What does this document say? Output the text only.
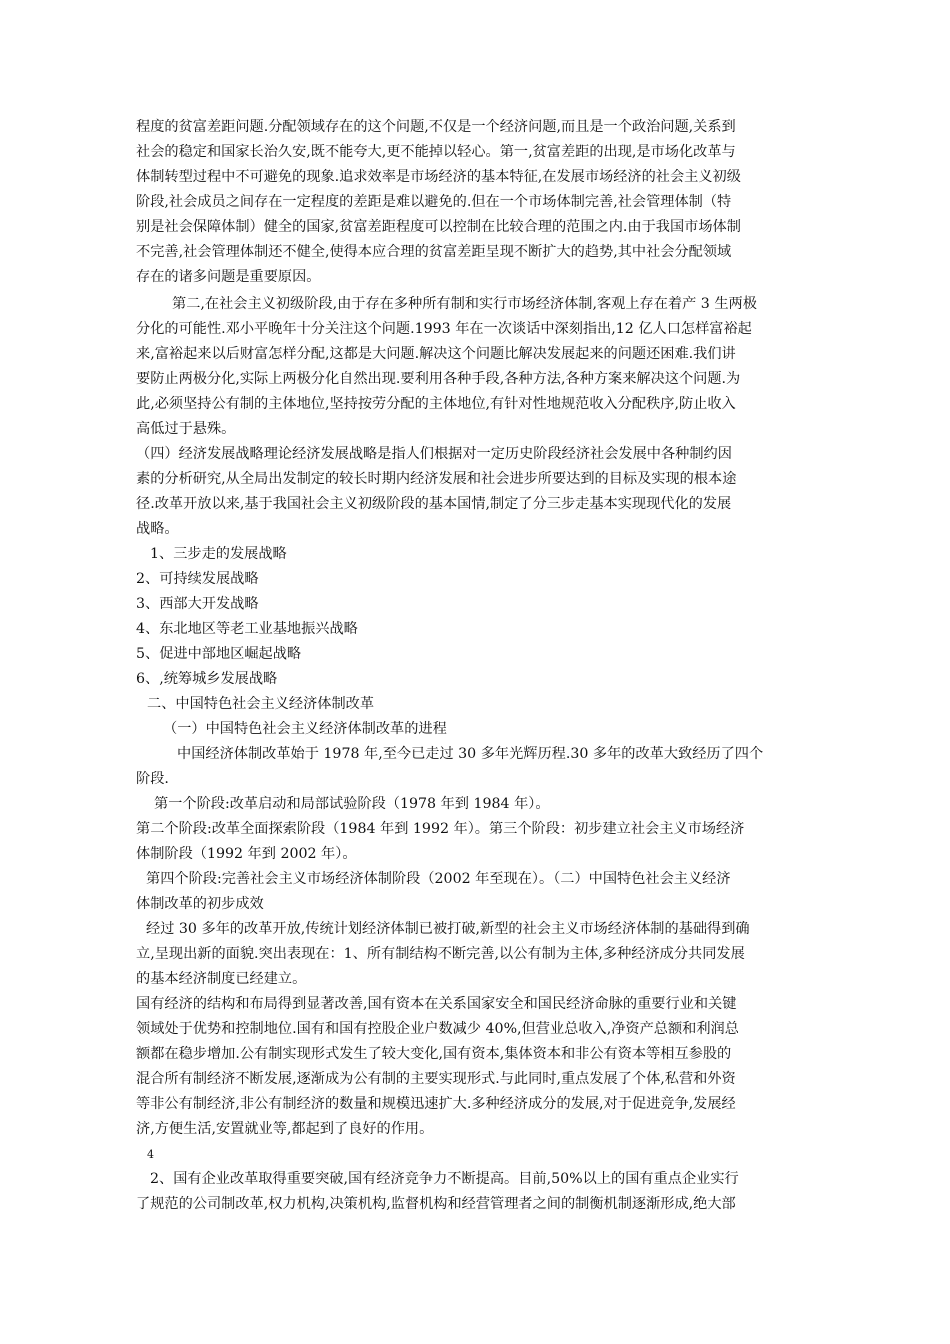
程度的贫富差距问题.分配领域存在的这个问题,不仅是一个经济问题,而且是一个政治问题,关系到
社会的稳定和国家长治久安,既不能夸大,更不能掉以轻心。第一,贫富差距的出现,是市场化改革与
体制转型过程中不可避免的现象.追求效率是市场经济的基本特征,在发展市场经济的社会主义初级
阶段,社会成员之间存在一定程度的差距是难以避免的.但在一个市场体制完善,社会管理体制（特
别是社会保障体制）健全的国家,贫富差距程度可以控制在比较合理的范围之内.由于我国市场体制
不完善,社会管理体制还不健全,使得本应合理的贫富差距呈现不断扩大的趋势,其中社会分配领域
存在的诸多问题是重要原因。
第二,在社会主义初级阶段,由于存在多种所有制和实行市场经济体制,客观上存在着产 3 生两极
分化的可能性.邓小平晚年十分关注这个问题.1993 年在一次谈话中深刻指出,12 亿人口怎样富裕起
来,富裕起来以后财富怎样分配,这都是大问题.解决这个问题比解决发展起来的问题还困难.我们讲
要防止两极分化,实际上两极分化自然出现.要利用各种手段,各种方法,各种方案来解决这个问题.为
此,必须坚持公有制的主体地位,坚持按劳分配的主体地位,有针对性地规范收入分配秩序,防止收入
高低过于悬殊。
（四）经济发展战略理论经济发展战略是指人们根据对一定历史阶段经济社会发展中各种制约因
素的分析研究,从全局出发制定的较长时期内经济发展和社会进步所要达到的目标及实现的根本途
径.改革开放以来,基于我国社会主义初级阶段的基本国情,制定了分三步走基本实现现代化的发展
战略。
1、三步走的发展战略
2、可持续发展战略
3、西部大开发战略
4、东北地区等老工业基地振兴战略
5、促进中部地区崛起战略
6、,统筹城乡发展战略
二、中国特色社会主义经济体制改革
（一）中国特色社会主义经济体制改革的进程
中国经济体制改革始于 1978 年,至今已走过 30 多年光辉历程.30 多年的改革大致经历了四个
阶段.
第一个阶段:改革启动和局部试验阶段（1978 年到 1984 年）。
第二个阶段:改革全面探索阶段（1984 年到 1992 年）。第三个阶段：初步建立社会主义市场经济
体制阶段（1992 年到 2002 年）。
第四个阶段:完善社会主义市场经济体制阶段（2002 年至现在）。（二）中国特色社会主义经济
体制改革的初步成效
经过 30 多年的改革开放,传统计划经济体制已被打破,新型的社会主义市场经济体制的基础得到确
立,呈现出新的面貌.突出表现在：1、所有制结构不断完善,以公有制为主体,多种经济成分共同发展
的基本经济制度已经建立。
国有经济的结构和布局得到显著改善,国有资本在关系国家安全和国民经济命脉的重要行业和关键
领域处于优势和控制地位.国有和国有控股企业户数减少 40%,但营业总收入,净资产总额和利润总
额都在稳步增加.公有制实现形式发生了较大变化,国有资本,集体资本和非公有资本等相互参股的
混合所有制经济不断发展,逐渐成为公有制的主要实现形式.与此同时,重点发展了个体,私营和外资
等非公有制经济,非公有制经济的数量和规模迅速扩大.多种经济成分的发展,对于促进竞争,发展经
济,方便生活,安置就业等,都起到了良好的作用。
4
2、国有企业改革取得重要突破,国有经济竞争力不断提高。目前,50%以上的国有重点企业实行
了规范的公司制改革,权力机构,决策机构,监督机构和经营管理者之间的制衡机制逐渐形成,绝大部
